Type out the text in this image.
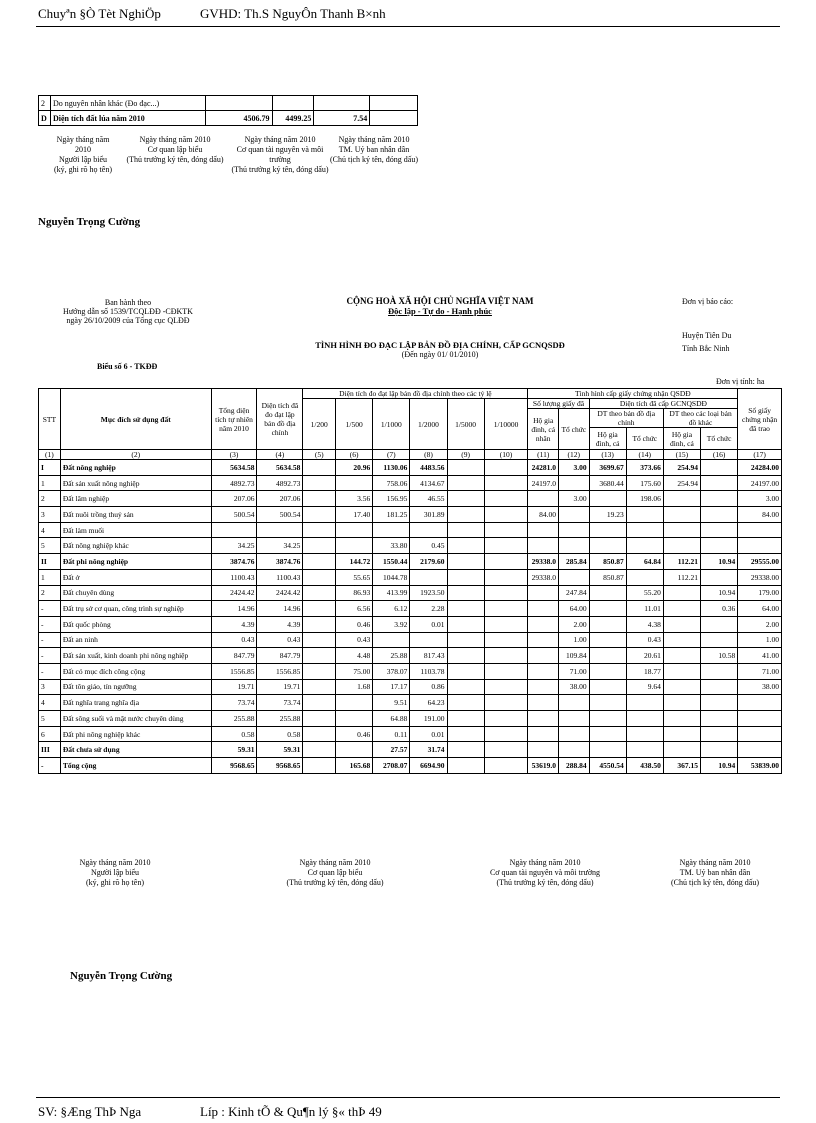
Chuyªn §Ò Tèt NghiÖp	GVHD: Th.S NguyÔn Thanh B×nh
2	Do nguyên nhân khác (Đo đạc...)				
D	Diện tích đất lúa năm 2010	4506.79	4499.25	7.54	
Ngày tháng năm
2010
Người lập biểu
(ký, ghi rõ họ tên)
Ngày tháng năm 2010
Cơ quan lập biểu
(Thủ trưởng ký tên, đóng dấu)
Ngày tháng năm 2010
Cơ quan tài nguyên và môi trường
(Thủ trưởng ký tên, đóng dấu)
Ngày tháng năm 2010
TM. Uỷ ban nhân dân
(Chủ tịch ký tên, đóng dấu)
Nguyễn Trọng Cường
Ban hành theo
Hướng dẫn số 1539/TCQLĐĐ -CĐKTK
ngày 26/10/2009 của Tổng cục QLĐĐ
Biểu số 6 - TKĐĐ
CỘNG HOÀ XÃ HỘI CHỦ NGHĨA VIỆT NAM
Độc lập - Tự do - Hạnh phúc
TÌNH HÌNH ĐO ĐẠC LẬP BẢN ĐỒ ĐỊA CHÍNH, CẤP GCNQSDĐ
(Đến ngày 01/ 01/2010)
Đơn vị báo cáo:
Huyện Tiên Du
Tỉnh Bắc Ninh
Đơn vị tính: ha
STT	Mục đích sử dụng đất	Tổng diện tích tự nhiên năm 2010	Diện tích đã đo đạt lập bản đồ địa chính	Diện tích đo đạt lập bản đồ địa chính theo các tỷ lệ						Tình hình cấp giấy chứng nhận QSDĐ						Số giấy chứng nhận đã trao
				1/200	1/500	1/1000	1/2000	1/5000	1/10000	Số lượng giấy đã		Diện tích đã cấp GCNQSDĐ				
										Hộ gia đình, cá nhân	Tổ chức	DT theo bản đồ địa chính		DT theo các loại bản đồ khác		
												Hộ gia đình, cá	Tổ chức	Hộ gia đình, cá	Tổ chức	
(1)	(2)	(3)	(4)	(5)	(6)	(7)	(8)	(9)	(10)	(11)	(12)	(13)	(14)	(15)	(16)	(17)
I	Đất nông nghiệp	5634.58	5634.58		20.96	1130.06	4483.56			24281.0	3.00	3699.67	373.66	254.94		24284.00
1	Đất sản xuất nông nghiệp	4892.73	4892.73			758.06	4134.67			24197.0		3680.44	175.60	254.94		24197.00
2	Đất lâm nghiệp	207.06	207.06		3.56	156.95	46.55				3.00		198.06			3.00
3	Đất nuôi trồng thuỷ sản	500.54	500.54		17.40	181.25	301.89			84.00		19.23				84.00
4	Đất làm muối															
5	Đất nông nghiệp khác	34.25	34.25			33.80	0.45									
II	Đất phi nông nghiệp	3874.76	3874.76		144.72	1550.44	2179.60			29338.0	285.84	850.87	64.84	112.21	10.94	29555.00
1	Đất ở	1100.43	1100.43		55.65	1044.78				29338.0		850.87		112.21		29338.00
2	Đất chuyên dùng	2424.42	2424.42		86.93	413.99	1923.50				247.84		55.20		10.94	179.00
-	Đất trụ sở cơ quan, công trình sự nghiệp	14.96	14.96		6.56	6.12	2.28				64.00		11.01		0.36	64.00
-	Đất quốc phòng	4.39	4.39		0.46	3.92	0.01				2.00		4.38			2.00
-	Đất an ninh	0.43	0.43		0.43						1.00		0.43			1.00
-	Đất sản xuất, kinh doanh phi nông nghiệp	847.79	847.79		4.48	25.88	817.43				109.84		20.61		10.58	41.00
-	Đất có mục đích công cộng	1556.85	1556.85		75.00	378.07	1103.78				71.00		18.77			71.00
3	Đất tôn giáo, tín ngưỡng	19.71	19.71		1.68	17.17	0.86				38.00		9.64			38.00
4	Đất nghĩa trang nghĩa địa	73.74	73.74			9.51	64.23									
5	Đất sông suối và mặt nước chuyên dùng	255.88	255.88			64.88	191.00									
6	Đất phi nông nghiệp khác	0.58	0.58		0.46	0.11	0.01									
III	Đất chưa sử dụng	59.31	59.31			27.57	31.74									
-	Tổng cộng	9568.65	9568.65		165.68	2708.07	6694.90			53619.0	288.84	4550.54	438.50	367.15	10.94	53839.00
Ngày tháng năm 2010
Người lập biểu
(ký, ghi rõ họ tên)
Ngày tháng năm 2010
Cơ quan lập biểu
(Thủ trưởng ký tên, đóng dấu)
Ngày tháng năm 2010
Cơ quan tài nguyên và môi trường
(Thủ trưởng ký tên, đóng dấu)
Ngày tháng năm 2010
TM. Uỷ ban nhân dân
(Chủ tịch ký tên, đóng dấu)
Nguyễn Trọng Cường
SV: §Æng ThÞ Nga	Líp : Kinh tÕ & Qu¶n lý §« thÞ 49
